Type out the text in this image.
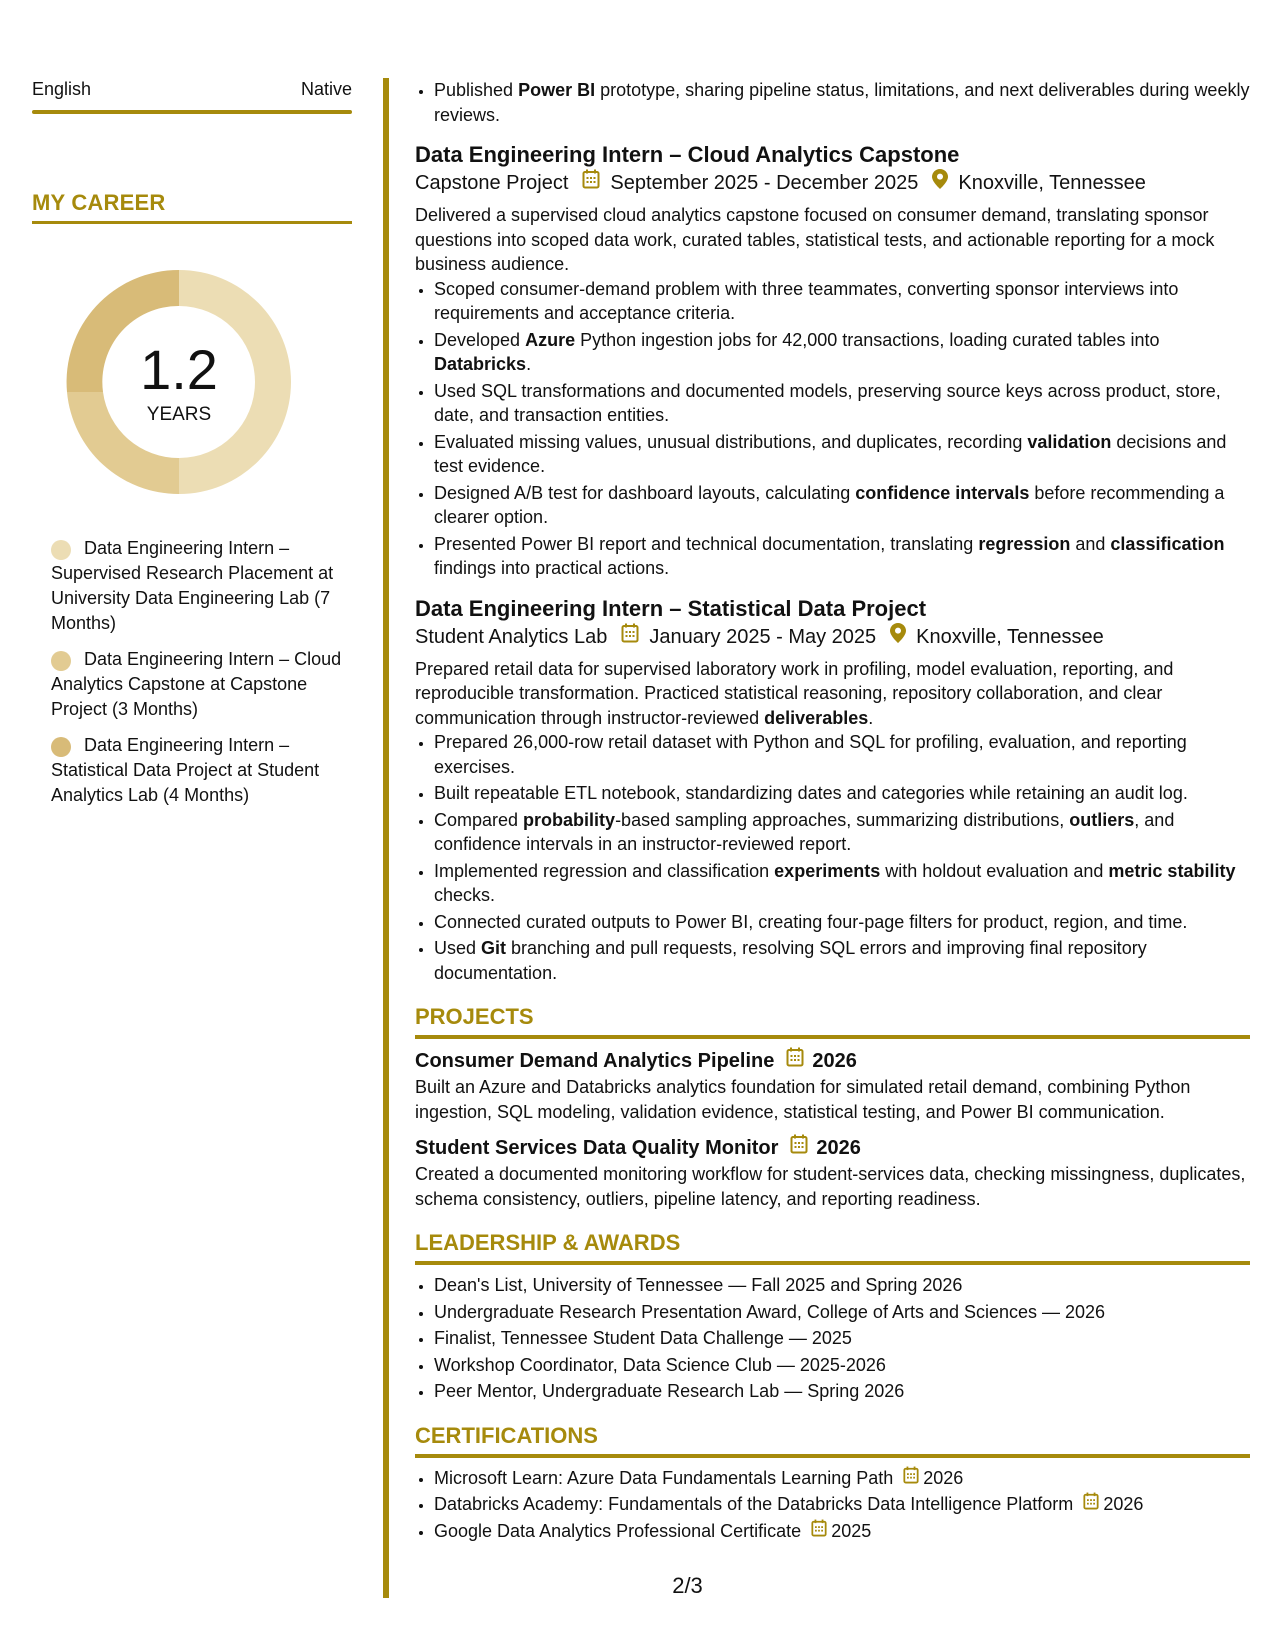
English	Native
MY CAREER
1.2
YEARS
Data Engineering Intern – Supervised Research Placement at University Data Engineering Lab (7 Months)
Data Engineering Intern – Cloud Analytics Capstone at Capstone Project (3 Months)
Data Engineering Intern – Statistical Data Project at Student Analytics Lab (4 Months)
• Published Power BI prototype, sharing pipeline status, limitations, and next deliverables during weekly reviews.
Data Engineering Intern – Cloud Analytics Capstone
Capstone Project September 2025 - December 2025 Knoxville, Tennessee
Delivered a supervised cloud analytics capstone focused on consumer demand, translating sponsor questions into scoped data work, curated tables, statistical tests, and actionable reporting for a mock business audience.
• Scoped consumer-demand problem with three teammates, converting sponsor interviews into requirements and acceptance criteria.
• Developed Azure Python ingestion jobs for 42,000 transactions, loading curated tables into Databricks.
• Used SQL transformations and documented models, preserving source keys across product, store, date, and transaction entities.
• Evaluated missing values, unusual distributions, and duplicates, recording validation decisions and test evidence.
• Designed A/B test for dashboard layouts, calculating confidence intervals before recommending a clearer option.
• Presented Power BI report and technical documentation, translating regression and classification findings into practical actions.
Data Engineering Intern – Statistical Data Project
Student Analytics Lab January 2025 - May 2025 Knoxville, Tennessee
Prepared retail data for supervised laboratory work in profiling, model evaluation, reporting, and reproducible transformation. Practiced statistical reasoning, repository collaboration, and clear communication through instructor-reviewed deliverables.
• Prepared 26,000-row retail dataset with Python and SQL for profiling, evaluation, and reporting exercises.
• Built repeatable ETL notebook, standardizing dates and categories while retaining an audit log.
• Compared probability-based sampling approaches, summarizing distributions, outliers, and confidence intervals in an instructor-reviewed report.
• Implemented regression and classification experiments with holdout evaluation and metric stability checks.
• Connected curated outputs to Power BI, creating four-page filters for product, region, and time.
• Used Git branching and pull requests, resolving SQL errors and improving final repository documentation.
PROJECTS
Consumer Demand Analytics Pipeline 2026
Built an Azure and Databricks analytics foundation for simulated retail demand, combining Python ingestion, SQL modeling, validation evidence, statistical testing, and Power BI communication.
Student Services Data Quality Monitor 2026
Created a documented monitoring workflow for student-services data, checking missingness, duplicates, schema consistency, outliers, pipeline latency, and reporting readiness.
LEADERSHIP & AWARDS
• Dean's List, University of Tennessee — Fall 2025 and Spring 2026
• Undergraduate Research Presentation Award, College of Arts and Sciences — 2026
• Finalist, Tennessee Student Data Challenge — 2025
• Workshop Coordinator, Data Science Club — 2025-2026
• Peer Mentor, Undergraduate Research Lab — Spring 2026
CERTIFICATIONS
• Microsoft Learn: Azure Data Fundamentals Learning Path 2026
• Databricks Academy: Fundamentals of the Databricks Data Intelligence Platform 2026
• Google Data Analytics Professional Certificate 2025
2/3
